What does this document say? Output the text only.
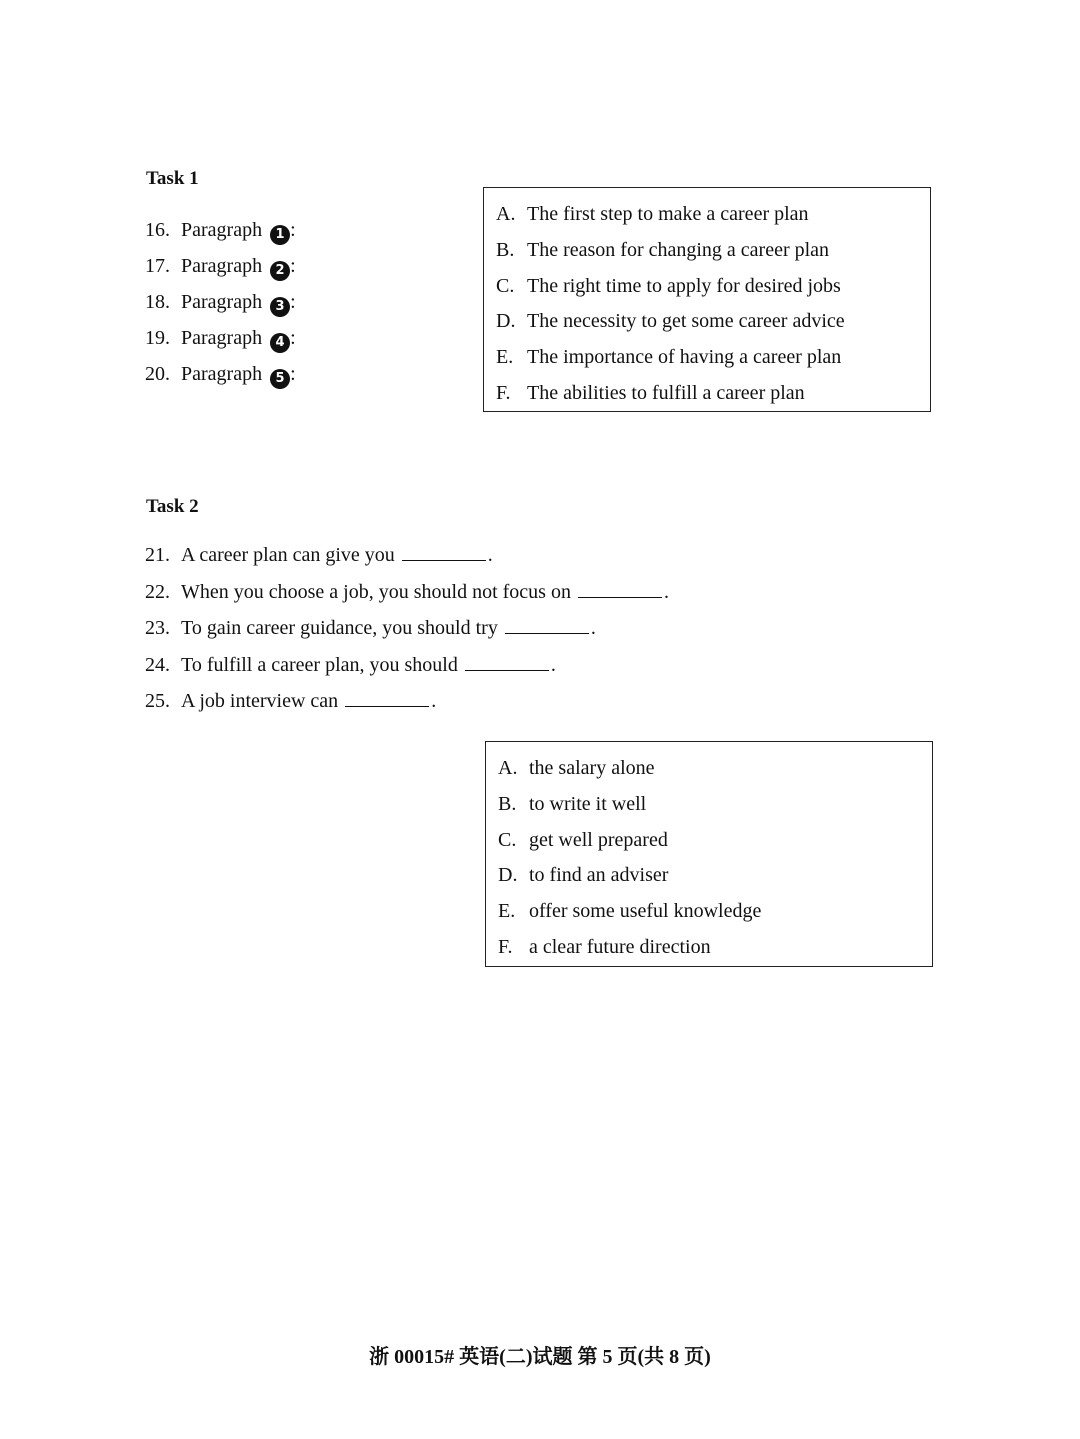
Task 1
16. Paragraph 1 :
17. Paragraph 2 :
18. Paragraph 3 :
19. Paragraph 4 :
20. Paragraph 5 :
A. The first step to make a career plan
B. The reason for changing a career plan
C. The right time to apply for desired jobs
D. The necessity to get some career advice
E. The importance of having a career plan
F. The abilities to fulfill a career plan
Task 2
21. A career plan can give you	.
22. When you choose a job, you should not focus on	.
23. To gain career guidance, you should try	.
24. To fulfill a career plan, you should	.
25. A job interview can	.
A. the salary alone
B. to write it well
C. get well prepared
D. to find an adviser
E. offer some useful knowledge
F. a clear future direction
浙 00015# 英语(二)试题 第 5 页(共 8 页)
